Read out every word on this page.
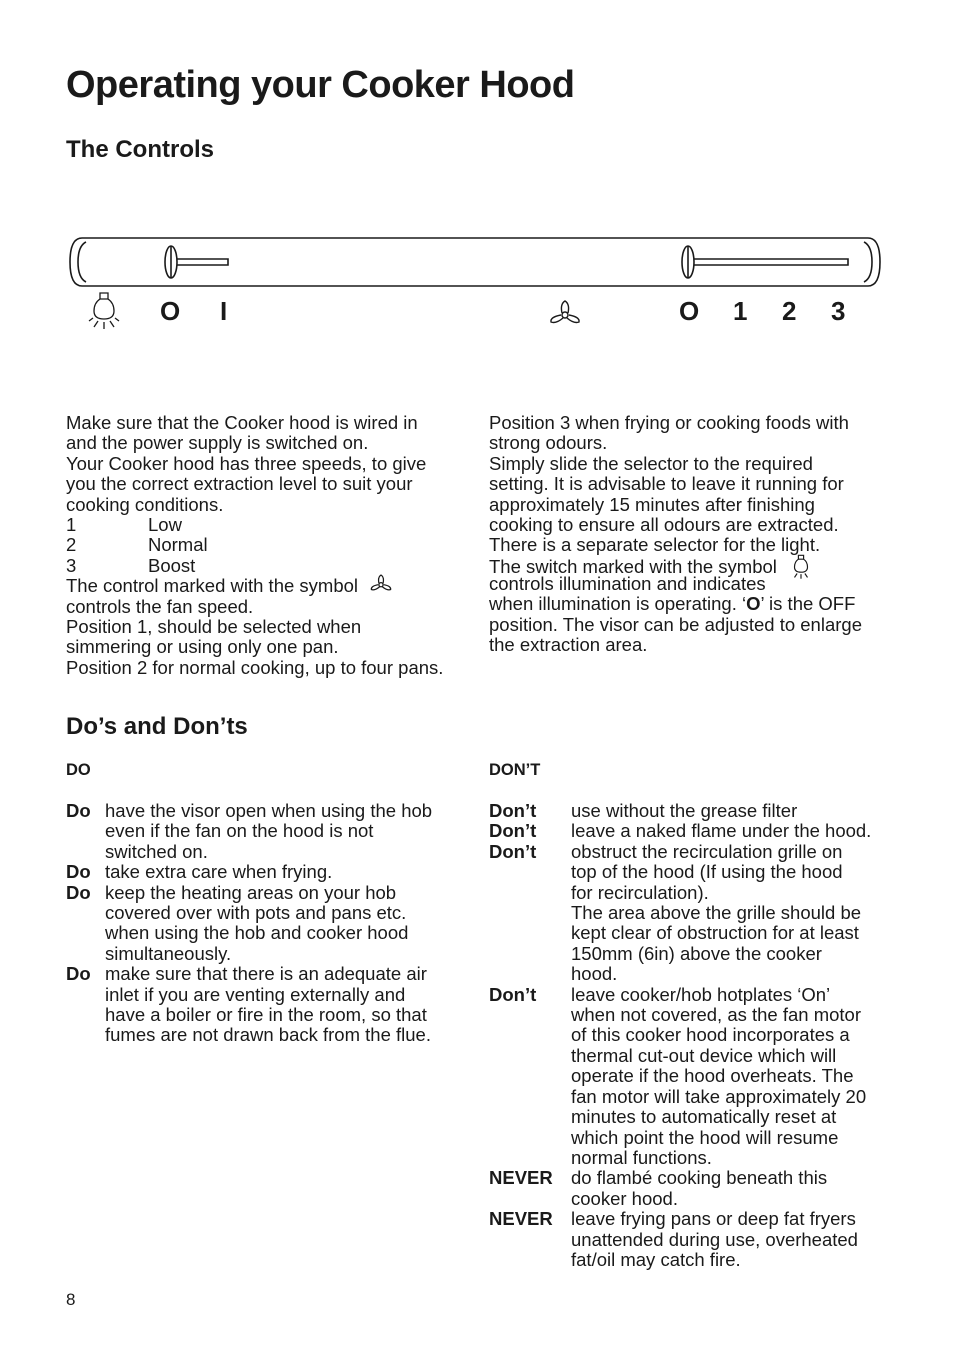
Operating your Cooker Hood
The Controls
O I	O 1 2 3
Make sure that the Cooker hood is wired in
and the power supply is switched on.
Your Cooker hood has three speeds, to give
you the correct extraction level to suit your
cooking conditions.
1	Low
2	Normal
3	Boost
The control marked with the symbol
controls the fan speed.
Position 1, should be selected when
simmering or using only one pan.
Position 2 for normal cooking, up to four pans.
Position 3 when frying or cooking foods with
strong odours.
Simply slide the selector to the required
setting. It is advisable to leave it running for
approximately 15 minutes after finishing
cooking to ensure all odours are extracted.
There is a separate selector for the light.
The switch marked with the symbol
controls illumination and indicates
when illumination is operating. ‘O’ is the OFF
position. The visor can be adjusted to enlarge
the extraction area.
Do’s and Don’ts
DO	DON’T
Do have the visor open when using the hob
even if the fan on the hood is not
switched on.
Do take extra care when frying.
Do keep the heating areas on your hob
covered over with pots and pans etc.
when using the hob and cooker hood
simultaneously.
Do make sure that there is an adequate air
inlet if you are venting externally and
have a boiler or fire in the room, so that
fumes are not drawn back from the flue.
Don’t	use without the grease filter
Don’t	leave a naked flame under the hood.
Don’t	obstruct the recirculation grille on
top of the hood (If using the hood
for recirculation).
The area above the grille should be
kept clear of obstruction for at least
150mm (6in) above the cooker
hood.
Don’t	leave cooker/hob hotplates ‘On’
when not covered, as the fan motor
of this cooker hood incorporates a
thermal cut-out device which will
operate if the hood overheats. The
fan motor will take approximately 20
minutes to automatically reset at
which point the hood will resume
normal functions.
NEVER do flambé cooking beneath this
cooker hood.
NEVER leave frying pans or deep fat fryers
unattended during use, overheated
fat/oil may catch fire.
8
